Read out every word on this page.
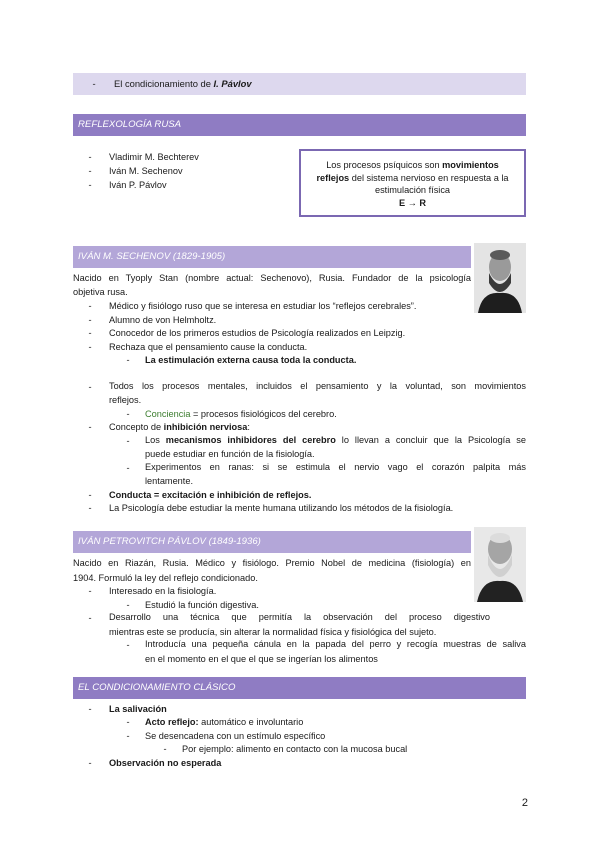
-	El condicionamiento de I. Pávlov
REFLEXOLOGÍA RUSA
-	Vladimir M. Bechterev
-	Iván M. Sechenov
-	Iván P. Pávlov
Los procesos psíquicos son movimientos
reflejos del sistema nervioso en respuesta a la
estimulación física
E → R
IVÁN M. SECHENOV (1829-1905)
Nacido en Tyoply Stan (nombre actual: Sechenovo), Rusia. Fundador de la psicología
objetiva rusa.
-	Médico y fisiólogo ruso que se interesa en estudiar los “reflejos cerebrales”.
-	Alumno de von Helmholtz.
-	Conocedor de los primeros estudios de Psicología realizados en Leipzig.
-	Rechaza que el pensamiento cause la conducta.
-	La estimulación externa causa toda la conducta.
-	Todos los procesos mentales, incluidos el pensamiento y la voluntad, son movimientos
reflejos.
-	Conciencia = procesos fisiológicos del cerebro.
-	Concepto de inhibición nerviosa:
-	Los mecanismos inhibidores del cerebro lo llevan a concluir que la Psicología se
puede estudiar en función de la fisiología.
-	Experimentos en ranas: si se estimula el nervio vago el corazón palpita más
lentamente.
-	Conducta = excitación e inhibición de reflejos.
-	La Psicología debe estudiar la mente humana utilizando los métodos de la fisiología.
IVÁN PETROVITCH PÁVLOV (1849-1936)
Nacido en Riazán, Rusia. Médico y fisiólogo. Premio Nobel de medicina (fisiología) en
1904. Formuló la ley del reflejo condicionado.
-	Interesado en la fisiología.
-	Estudió la función digestiva.
-	Desarrollo una técnica que permitía la observación del proceso digestivo
mientras este se producía, sin alterar la normalidad física y fisiológica del sujeto.
-	Introducía una pequeña cánula en la papada del perro y recogía muestras de saliva
en el momento en el que el que se ingerían los alimentos
EL CONDICIONAMIENTO CLÁSICO
-	La salivación
-	Acto reflejo: automático e involuntario
-	Se desencadena con un estímulo específico
-	Por ejemplo: alimento en contacto con la mucosa bucal
-	Observación no esperada
2
